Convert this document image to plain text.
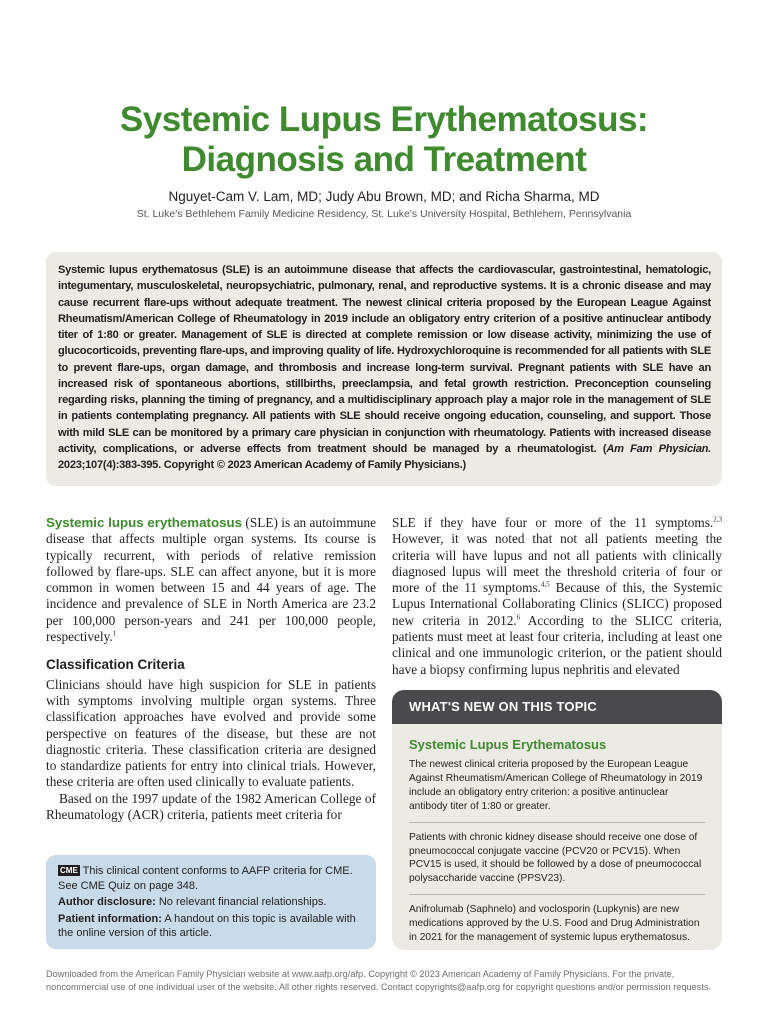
Systemic Lupus Erythematosus:
Diagnosis and Treatment
Nguyet-Cam V. Lam, MD; Judy Abu Brown, MD; and Richa Sharma, MD
St. Luke's Bethlehem Family Medicine Residency, St. Luke's University Hospital, Bethlehem, Pennsylvania

Systemic lupus erythematosus (SLE) is an autoimmune disease that affects the cardiovascular, gastrointestinal, hematologic, integumentary, musculoskeletal, neuropsychiatric, pulmonary, renal, and reproductive systems. It is a chronic disease and may cause recurrent flare-ups without adequate treatment. The newest clinical criteria proposed by the European League Against Rheumatism/American College of Rheumatology in 2019 include an obligatory entry criterion of a positive antinuclear antibody titer of 1:80 or greater. Management of SLE is directed at complete remission or low disease activity, minimizing the use of glucocorticoids, preventing flare-ups, and improving quality of life. Hydroxychloroquine is recommended for all patients with SLE to prevent flare-ups, organ damage, and thrombosis and increase long-term survival. Pregnant patients with SLE have an increased risk of spontaneous abortions, stillbirths, preeclampsia, and fetal growth restriction. Preconception counseling regarding risks, planning the timing of pregnancy, and a multidisciplinary approach play a major role in the management of SLE in patients contemplating pregnancy. All patients with SLE should receive ongoing education, counseling, and support. Those with mild SLE can be monitored by a primary care physician in conjunction with rheumatology. Patients with increased disease activity, complications, or adverse effects from treatment should be managed by a rheumatologist. (Am Fam Physician. 2023;107(4):383-395. Copyright © 2023 American Academy of Family Physicians.)

Systemic lupus erythematosus (SLE) is an autoimmune disease that affects multiple organ systems. Its course is typically recurrent, with periods of relative remission followed by flare-ups. SLE can affect anyone, but it is more common in women between 15 and 44 years of age. The incidence and prevalence of SLE in North America are 23.2 per 100,000 person-years and 241 per 100,000 people, respectively.$^1$

Classification Criteria

Clinicians should have high suspicion for SLE in patients with symptoms involving multiple organ systems. Three classification approaches have evolved and provide some perspective on features of the disease, but these are not diagnostic criteria. These classification criteria are designed to standardize patients for entry into clinical trials. However, these criteria are often used clinically to evaluate patients.

Based on the 1997 update of the 1982 American College of Rheumatology (ACR) criteria, patients meet criteria for

SLE if they have four or more of the 11 symptoms.$^{2,3}$ However, it was noted that not all patients meeting the criteria will have lupus and not all patients with clinically diagnosed lupus will meet the threshold criteria of four or more of the 11 symptoms.$^{4,5}$ Because of this, the Systemic Lupus International Collaborating Clinics (SLICC) proposed new criteria in 2012.$^6$ According to the SLICC criteria, patients must meet at least four criteria, including at least one clinical and one immunologic criterion, or the patient should have a biopsy confirming lupus nephritis and elevated

CME This clinical content conforms to AAFP criteria for CME. See CME Quiz on page 348.

Author disclosure: No relevant financial relationships.

Patient information: A handout on this topic is available with the online version of this article.

WHAT'S NEW ON THIS TOPIC
Systemic Lupus Erythematosus
The newest clinical criteria proposed by the European League Against Rheumatism/American College of Rheumatology in 2019 include an obligatory entry criterion: a positive antinuclear antibody titer of 1:80 or greater.
Patients with chronic kidney disease should receive one dose of pneumococcal conjugate vaccine (PCV20 or PCV15). When PCV15 is used, it should be followed by a dose of pneumococcal polysaccharide vaccine (PPSV23).
Anifrolumab (Saphnelo) and voclosporin (Lupkynis) are new medications approved by the U.S. Food and Drug Administration in 2021 for the management of systemic lupus erythematosus.

Downloaded from the American Family Physician website at www.aafp.org/afp. Copyright © 2023 American Academy of Family Physicians. For the private, noncommercial use of one individual user of the website. All other rights reserved. Contact copyrights@aafp.org for copyright questions and/or permission requests.
